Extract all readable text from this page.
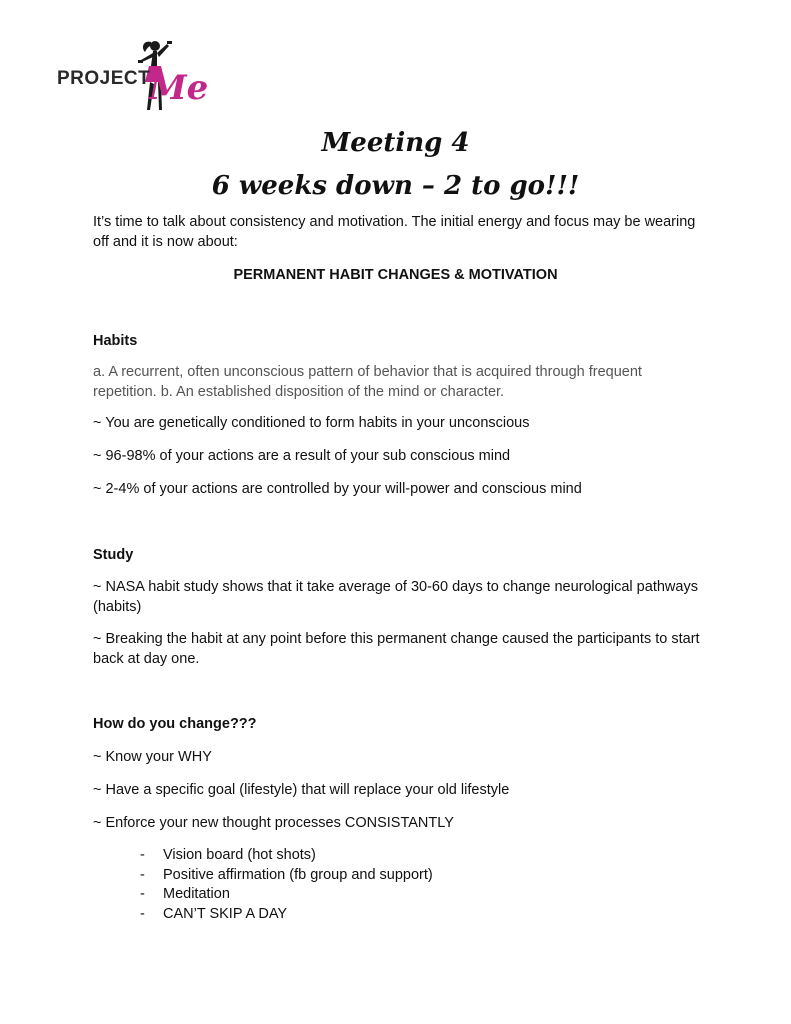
PROJECT
Me
Meeting 4
6 weeks down – 2 to go!!!

It’s time to talk about consistency and motivation. The initial energy and focus may be wearing off and it is now about:

PERMANENT HABIT CHANGES & MOTIVATION

Habits

a. A recurrent, often unconscious pattern of behavior that is acquired through frequent repetition. b. An established disposition of the mind or character.

~ You are genetically conditioned to form habits in your unconscious

~ 96-98% of your actions are a result of your sub conscious mind

~ 2-4% of your actions are controlled by your will-power and conscious mind

Study

~ NASA habit study shows that it take average of 30-60 days to change neurological pathways (habits)

~ Breaking the habit at any point before this permanent change caused the participants to start back at day one.

How do you change???

~ Know your WHY

~ Have a specific goal (lifestyle) that will replace your old lifestyle

~ Enforce your new thought processes CONSISTANTLY

- Vision board (hot shots)
- Positive affirmation (fb group and support)
- Meditation
- CAN’T SKIP A DAY
